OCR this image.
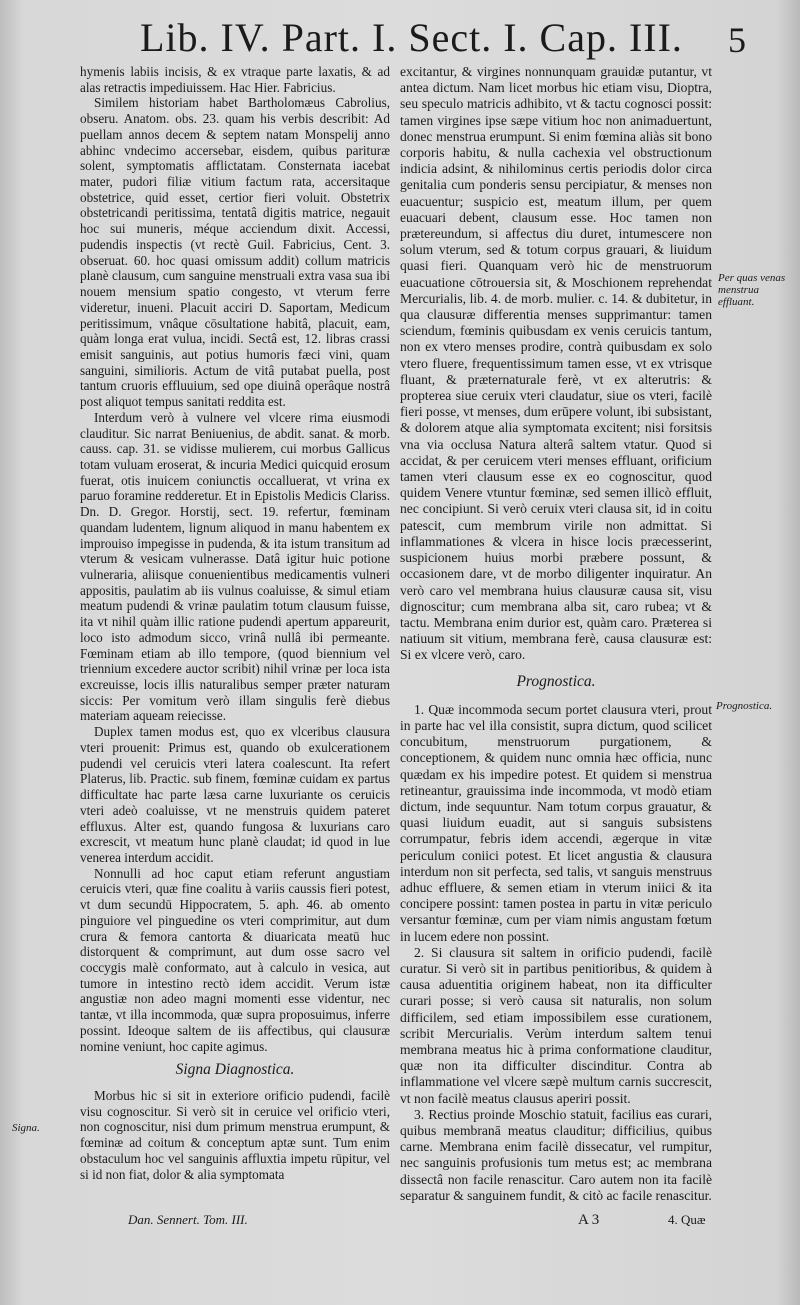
Lib. IV. Part. I. Sect. I. Cap. III. 5

hymenis labiis incisis, & ex vtraque parte laxatis, & ad alas retractis impediuissem. Hac Hier. Fabricius.

Similem historiam habet Bartholomæus Cabrolius, obseru. Anatom. obs. 23. quam his verbis describit: Ad puellam annos decem & septem natam Monspelij anno abhinc vndecimo accersebar, eisdem, quibus parituræ solent, symptomatis afflictatam. Consternata iacebat mater, pudori filiæ vitium factum rata, accersitaque obstetrice, quid esset, certior fieri voluit. Obstetrix obstetricandi peritissima, tentatâ digitis matrice, negauit hoc sui muneris, méque acciendum dixit. Accessi, pudendis inspectis (vt rectè Guil. Fabricius, Cent. 3. obseruat. 60. hoc quasi omissum addit) collum matricis planè clausum, cum sanguine menstruali extra vasa sua ibi nouem mensium spatio congesto, vt vterum ferre videretur, inueni. Placuit acciri D. Saportam, Medicum peritissimum, vnâque cōsultatione habitâ, placuit, eam, quàm longa erat vulua, incidi. Sectâ est, 12. libras crassi emisit sanguinis, aut potius humoris fæci vini, quam sanguini, similioris. Actum de vitâ putabat puella, post tantum cruoris effluuium, sed ope diuinâ operâque nostrâ post aliquot tempus sanitati reddita est.

Interdum verò à vulnere vel vlcere rima eiusmodi clauditur. Sic narrat Beniuenius, de abdit. sanat. & morb. causs. cap. 31. se vidisse mulierem, cui morbus Gallicus totam vuluam eroserat, & incuria Medici quicquid erosum fuerat, otis inuicem coniunctis occalluerat, vt vrina ex paruo foramine redderetur. Et in Epistolis Medicis Clariss. Dn. D. Gregor. Horstij, sect. 19. refertur, fœminam quandam ludentem, lignum aliquod in manu habentem ex improuiso impegisse in pudenda, & ita istum transitum ad vterum & vesicam vulnerasse. Datâ igitur huic potione vulneraria, aliisque conuenientibus medicamentis vulneri appositis, paulatim ab iis vulnus coaluisse, & simul etiam meatum pudendi & vrinæ paulatim totum clausum fuisse, ita vt nihil quàm illic ratione pudendi apertum appareurit, loco isto admodum sicco, vrinâ nullâ ibi permeante. Fœminam etiam ab illo tempore, (quod biennium vel triennium excedere auctor scribit) nihil vrinæ per loca ista excreuisse, locis illis naturalibus semper præter naturam siccis: Per vomitum verò illam singulis ferè diebus materiam aqueam reiecisse.

Duplex tamen modus est, quo ex vlceribus clausura vteri prouenit: Primus est, quando ob exulcerationem pudendi vel ceruicis vteri latera coalescunt. Ita refert Platerus, lib. Practic. sub finem, fœminæ cuidam ex partus difficultate hac parte læsa carne luxuriante os ceruicis vteri adeò coaluisse, vt ne menstruis quidem pateret effluxus. Alter est, quando fungosa & luxurians caro excrescit, vt meatum hunc planè claudat; id quod in lue venerea interdum accidit.

Nonnulli ad hoc caput etiam referunt angustiam ceruicis vteri, quæ fine coalitu à variis caussis fieri potest, vt dum secundū Hippocratem, 5. aph. 46. ab omento pinguiore vel pinguedine os vteri comprimitur, aut dum crura & femora cantorta & diuaricata meatū huc distorquent & comprimunt, aut dum osse sacro vel coccygis malè conformato, aut à calculo in vesica, aut tumore in intestino rectò idem accidit. Verum istæ angustiæ non adeo magni momenti esse videntur, nec tantæ, vt illa incommoda, quæ supra proposuimus, inferre possint. Ideoque saltem de iis affectibus, qui clausuræ nomine veniunt, hoc capite agimus.

Signa Diagnostica.

Morbus hic si sit in exteriore orificio pudendi, facilè visu cognoscitur. Si verò sit in ceruice vel orificio vteri, non cognoscitur, nisi dum primum menstrua erumpunt, & fœminæ ad coitum & conceptum aptæ sunt. Tum enim obstaculum hoc vel sanguinis affluxtia impetu rūpitur, vel si id non fiat, dolor & alia symptomata

excitantur, & virgines nonnunquam grauidæ putantur, vt antea dictum. Nam licet morbus hic etiam visu, Dioptra, seu speculo matricis adhibito, vt & tactu cognosci possit: tamen virgines ipse sæpe vitium hoc non animaduertunt, donec menstrua erumpunt. Si enim fœmina aliàs sit bono corporis habitu, & nulla cachexia vel obstructionum indicia adsint, & nihilominus certis periodis dolor circa genitalia cum ponderis sensu percipiatur, & menses non euacuentur; suspicio est, meatum illum, per quem euacuari debent, clausum esse. Hoc tamen non prætereundum, si affectus diu duret, intumescere non solum vterum, sed & totum corpus grauari, & liuidum quasi fieri. Quanquam verò hic de menstruorum euacuatione cōtrouersia sit, & Moschionem reprehendat Mercurialis, lib. 4. de morb. mulier. c. 14. & dubitetur, in qua clausuræ differentia menses supprimantur: tamen sciendum, fœminis quibusdam ex venis ceruicis tantum, non ex vtero menses prodire, contrà quibusdam ex solo vtero fluere, frequentissimum tamen esse, vt ex vtrisque fluant, & præternaturale ferè, vt ex alterutris: & propterea siue ceruix vteri claudatur, siue os vteri, facilè fieri posse, vt menses, dum erūpere volunt, ibi subsistant, & dolorem atque alia symptomata excitent; nisi forsitsis vna via occlusa Natura alterâ saltem vtatur. Quod si accidat, & per ceruicem vteri menses effluant, orificium tamen vteri clausum esse ex eo cognoscitur, quod quidem Venere vtuntur fœminæ, sed semen illicò effluit, nec concipiunt. Si verò ceruix vteri clausa sit, id in coitu patescit, cum membrum virile non admittat. Si inflammationes & vlcera in hisce locis præcesserint, suspicionem huius morbi præbere possunt, & occasionem dare, vt de morbo diligenter inquiratur. An verò caro vel membrana huius clausuræ causa sit, visu dignoscitur; cum membrana alba sit, caro rubea; vt & tactu. Membrana enim durior est, quàm caro. Præterea si natiuum sit vitium, membrana ferè, causa clausuræ est: Si ex vlcere verò, caro.

Prognostica.

1. Quæ incommoda secum portet clausura vteri, prout in parte hac vel illa consistit, supra dictum, quod scilicet concubitum, menstruorum purgationem, & conceptionem, & quidem nunc omnia hæc officia, nunc quædam ex his impedire potest. Et quidem si menstrua retineantur, grauissima inde incommoda, vt modò etiam dictum, inde sequuntur. Nam totum corpus grauatur, & quasi liuidum euadit, aut si sanguis subsistens corrumpatur, febris idem accendi, ægerque in vitæ periculum coniici potest. Et licet angustia & clausura interdum non sit perfecta, sed talis, vt sanguis menstruus adhuc effluere, & semen etiam in vterum iniici & ita concipere possint: tamen postea in partu in vitæ periculo versantur fœminæ, cum per viam nimis angustam fœtum in lucem edere non possint.

2. Si clausura sit saltem in orificio pudendi, facilè curatur. Si verò sit in partibus penitioribus, & quidem à causa aduentitia originem habeat, non ita difficulter curari posse; si verò causa sit naturalis, non solum difficilem, sed etiam impossibilem esse curationem, scribit Mercurialis. Verùm interdum saltem tenui membrana meatus hic à prima conformatione clauditur, quæ non ita difficulter discinditur. Contra ab inflammatione vel vlcere sæpè multum carnis succrescit, vt non facilè meatus clausus aperiri possit.

3. Rectius proinde Moschio statuit, facilius eas curari, quibus membranā meatus clauditur; difficilius, quibus carne. Membrana enim facilè dissecatur, vel rumpitur, nec sanguinis profusionis tum metus est; ac membrana dissectâ non facile renascitur. Caro autem non ita facilè separatur & sanguinem fundit, & citò ac facile renascitur.

Signa.
Per quas venas menstrua effluant.
Prognostica.
Dan. Sennert. Tom. III.	A 3	4. Quæ
